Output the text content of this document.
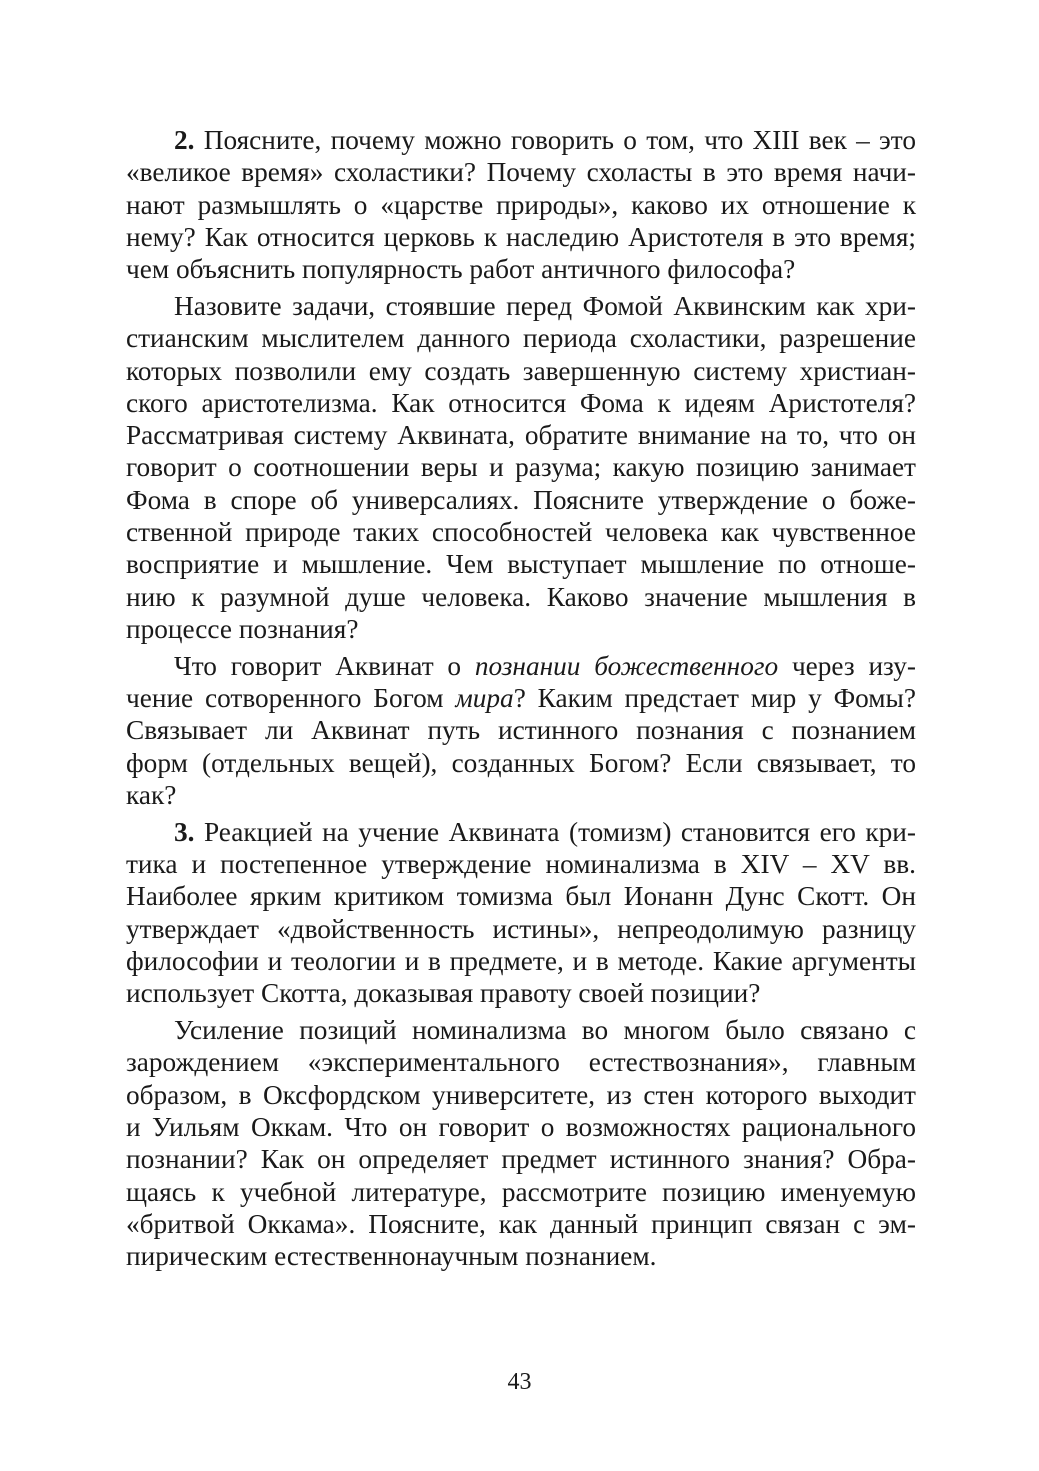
2. Поясните, почему можно говорить о том, что XIII век – это
«великое время» схоластики? Почему схоласты в это время начи-
нают размышлять о «царстве природы», каково их отношение к
нему? Как относится церковь к наследию Аристотеля в это время;
чем объяснить популярность работ античного философа?
Назовите задачи, стоявшие перед Фомой Аквинским как хри-
стианским мыслителем данного периода схоластики, разрешение
которых позволили ему создать завершенную систему христиан-
ского аристотелизма. Как относится Фома к идеям Аристотеля?
Рассматривая систему Аквината, обратите внимание на то, что он
говорит о соотношении веры и разума; какую позицию занимает
Фома в споре об универсалиях. Поясните утверждение о боже-
ственной природе таких способностей человека как чувственное
восприятие и мышление. Чем выступает мышление по отноше-
нию к разумной душе человека. Каково значение мышления в
процессе познания?
Что говорит Аквинат о познании божественного через изу-
чение сотворенного Богом мира? Каким предстает мир у Фомы?
Связывает ли Аквинат путь истинного познания с познанием
форм (отдельных вещей), созданных Богом? Если связывает, то
как?
3. Реакцией на учение Аквината (томизм) становится его кри-
тика и постепенное утверждение номинализма в XIV – XV вв.
Наиболее ярким критиком томизма был Ионанн Дунс Скотт. Он
утверждает «двойственность истины», непреодолимую разницу
философии и теологии и в предмете, и в методе. Какие аргументы
использует Скотта, доказывая правоту своей позиции?
Усиление позиций номинализма во многом было связано с
зарождением «экспериментального естествознания», главным
образом, в Оксфордском университете, из стен которого выходит
и Уильям Оккам. Что он говорит о возможностях рационального
познании? Как он определяет предмет истинного знания? Обра-
щаясь к учебной литературе, рассмотрите позицию именуемую
«бритвой Оккама». Поясните, как данный принцип связан с эм-
пирическим естественнонаучным познанием.
43
